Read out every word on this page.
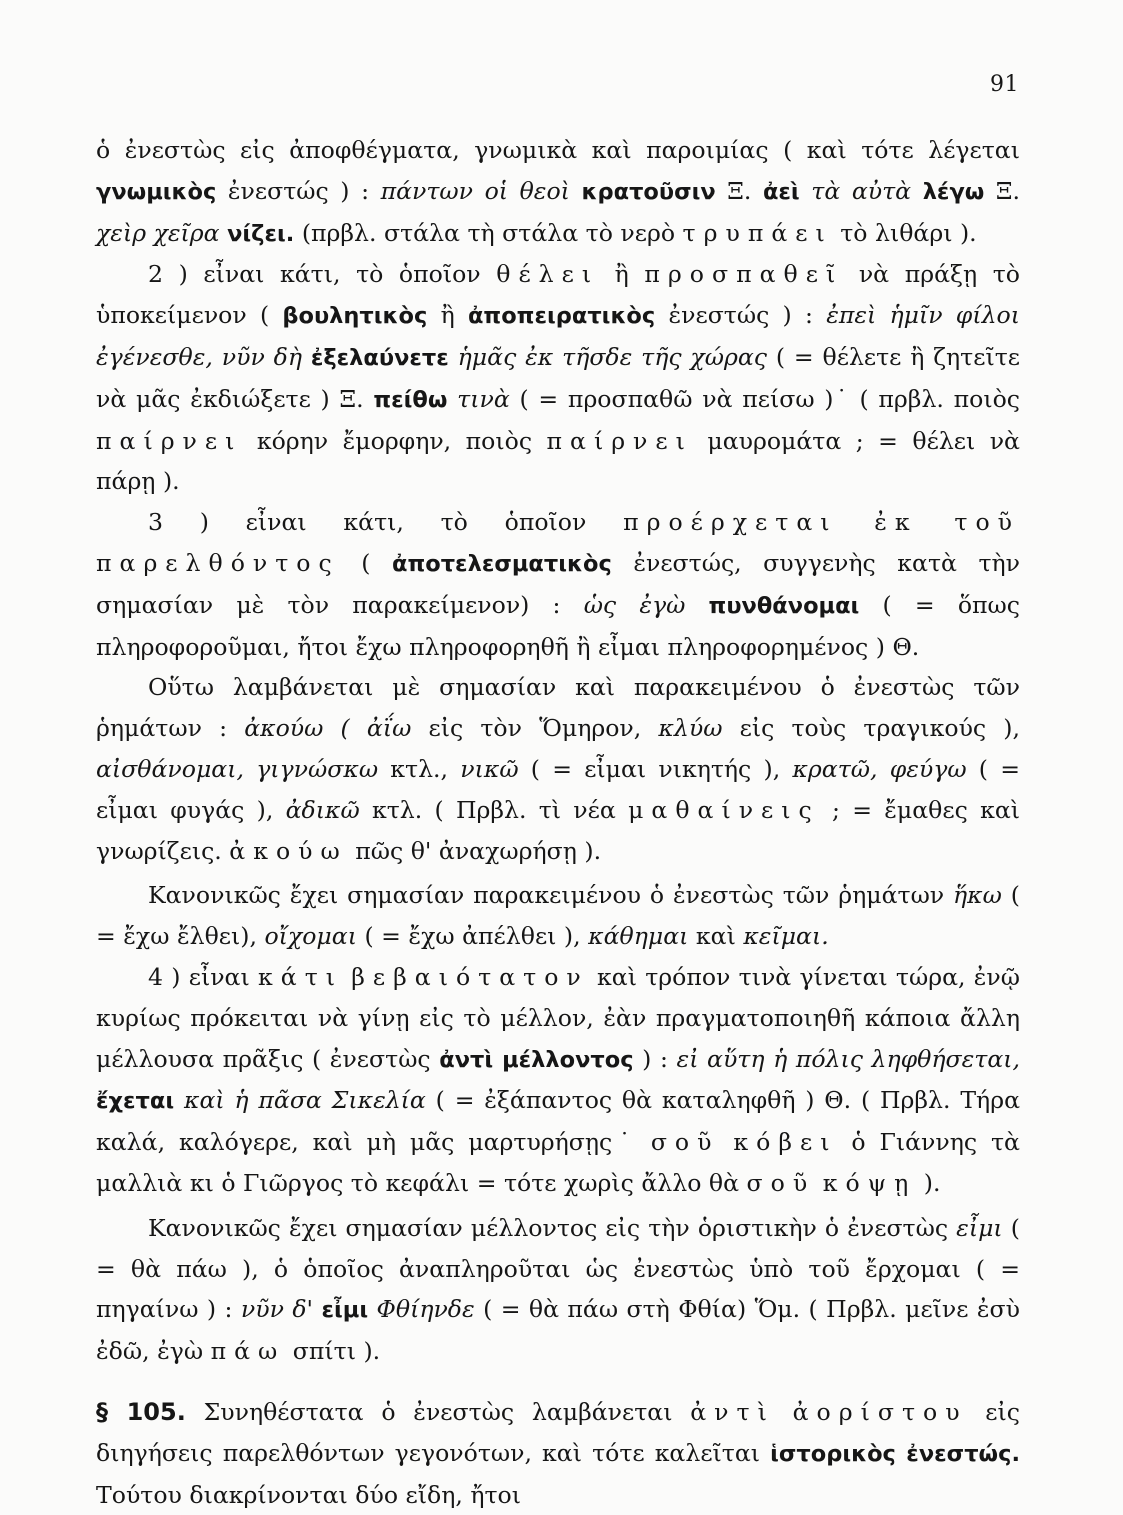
91

ὁ ἐνεστὼς εἰς ἀποφθέγματα, γνωμικὰ καὶ παροιμίας ( καὶ τότε λέγεται γνωμικὸς ἐνεστώς ) : πάντων οἱ θεοὶ κρατοῦσιν Ξ. ἀεὶ τὰ αὐτὰ λέγω Ξ. χεὶρ χεῖρα νίζει. (πρβλ. στάλα τὴ στάλα τὸ νερὸ τρυπάει τὸ λιθάρι ).

2 ) εἶναι κάτι, τὸ ὁποῖον θέλει ἢ προσπαθεῖ νὰ πράξῃ τὸ ὑποκείμενον ( βουλητικὸς ἢ ἀποπειρατικὸς ἐνεστώς ) : ἐπεὶ ἡμῖν φίλοι ἐγένεσθε, νῦν δὴ ἐξελαύνετε ἡμᾶς ἐκ τῆσδε τῆς χώρας ( = θέλετε ἢ ζητεῖτε νὰ μᾶς ἐκδιώξετε ) Ξ. πείθω τινὰ ( = προσπαθῶ νὰ πείσω )˙ ( πρβλ. ποιὸς παίρνει κόρην ἔμορφην, ποιὸς παίρνει μαυρομάτα ; = θέλει νὰ πάρῃ ).

3 ) εἶναι κάτι, τὸ ὁποῖον προέρχεται ἐκ τοῦ παρελθόντος ( ἀποτελεσματικὸς ἐνεστώς, συγγενὴς κατὰ τὴν σημασίαν μὲ τὸν παρακείμενον) : ὡς ἐγὼ πυνθάνομαι ( = ὅπως πληροφοροῦμαι, ἤτοι ἔχω πληροφορηθῆ ἢ εἶμαι πληροφορημένος ) Θ.

Οὕτω λαμβάνεται μὲ σημασίαν καὶ παρακειμένου ὁ ἐνεστὼς τῶν ῥημάτων : ἀκούω ( ἀΐω εἰς τὸν Ὅμηρον, κλύω εἰς τοὺς τραγικούς ), αἰσθάνομαι, γιγνώσκω κτλ., νικῶ ( = εἶμαι νικητής ), κρατῶ, φεύγω ( = εἶμαι φυγάς ), ἀδικῶ κτλ. ( Πρβλ. τὶ νέα μαθαίνεις ; = ἔμαθες καὶ γνωρίζεις. ἀκούω πῶς θ' ἀναχωρήσῃ ).

Κανονικῶς ἔχει σημασίαν παρακειμένου ὁ ἐνεστὼς τῶν ῥημάτων ἥκω ( = ἔχω ἔλθει), οἴχομαι ( = ἔχω ἀπέλθει ), κάθημαι καὶ κεῖμαι.

4 ) εἶναι κάτι βεβαιότατον καὶ τρόπον τινὰ γίνεται τώρα, ἐνῷ κυρίως πρόκειται νὰ γίνῃ εἰς τὸ μέλλον, ἐὰν πραγματοποιηθῆ κάποια ἄλλη μέλλουσα πρᾶξις ( ἐνεστὼς ἀντὶ μέλλοντος ) : εἰ αὕτη ἡ πόλις ληφθήσεται, ἔχεται καὶ ἡ πᾶσα Σικελία ( = ἐξάπαντος θὰ καταληφθῆ ) Θ. ( Πρβλ. Τήρα καλά, καλόγερε, καὶ μὴ μᾶς μαρτυρήσῃς˙ σοῦ κόβει ὁ Γιάννης τὰ μαλλιὰ κι ὁ Γιῶργος τὸ κεφάλι = τότε χωρὶς ἄλλο θὰ σοῦ κόψῃ ).

Κανονικῶς ἔχει σημασίαν μέλλοντος εἰς τὴν ὁριστικὴν ὁ ἐνεστὼς εἶμι ( = θὰ πάω ), ὁ ὁποῖος ἀναπληροῦται ὡς ἐνεστὼς ὑπὸ τοῦ ἔρχομαι ( = πηγαίνω ) : νῦν δ' εἶμι Φθίηνδε ( = θὰ πάω στὴ Φθία) Ὅμ. ( Πρβλ. μεῖνε ἐσὺ ἐδῶ, ἐγὼ πάω σπίτι ).

§ 105. Συνηθέστατα ὁ ἐνεστὼς λαμβάνεται ἀντὶ ἀορίστου εἰς διηγήσεις παρελθόντων γεγονότων, καὶ τότε καλεῖται ἱστορικὸς ἐνεστώς. Τούτου διακρίνονται δύο εἴδη, ἤτοι
